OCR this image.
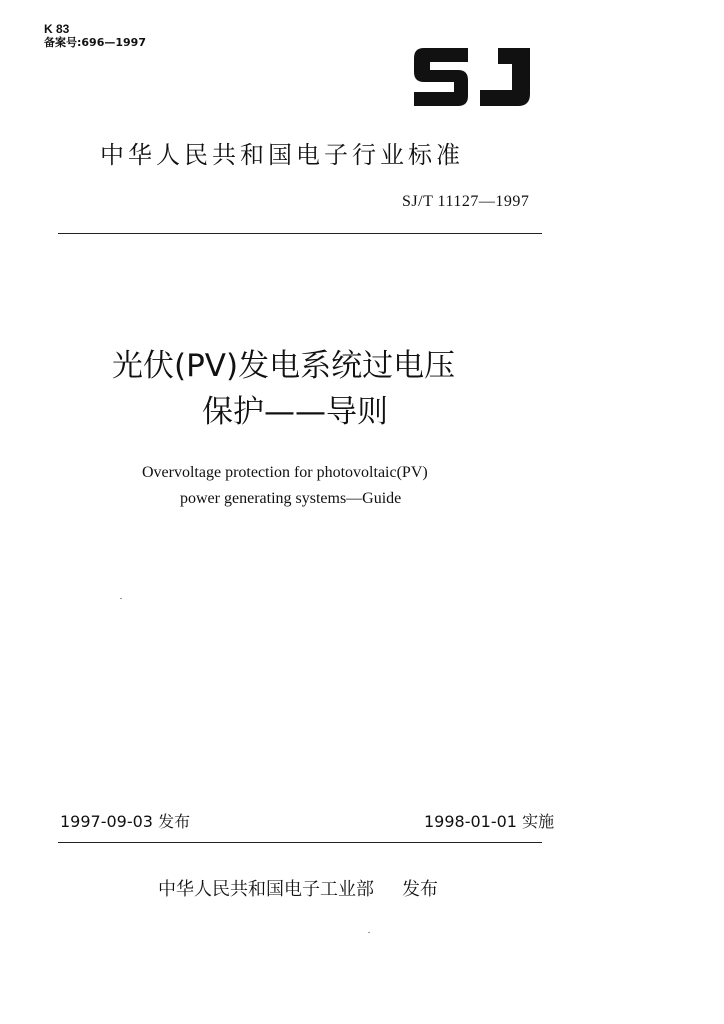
K 83
备案号:696—1997
中华人民共和国电子行业标准
SJ/T 11127—1997
光伏(PV)发电系统过电压
保护——导则
Overvoltage protection for photovoltaic(PV)
power generating systems—Guide
1997-09-03 发布	1998-01-01 实施
中华人民共和国电子工业部 发布
